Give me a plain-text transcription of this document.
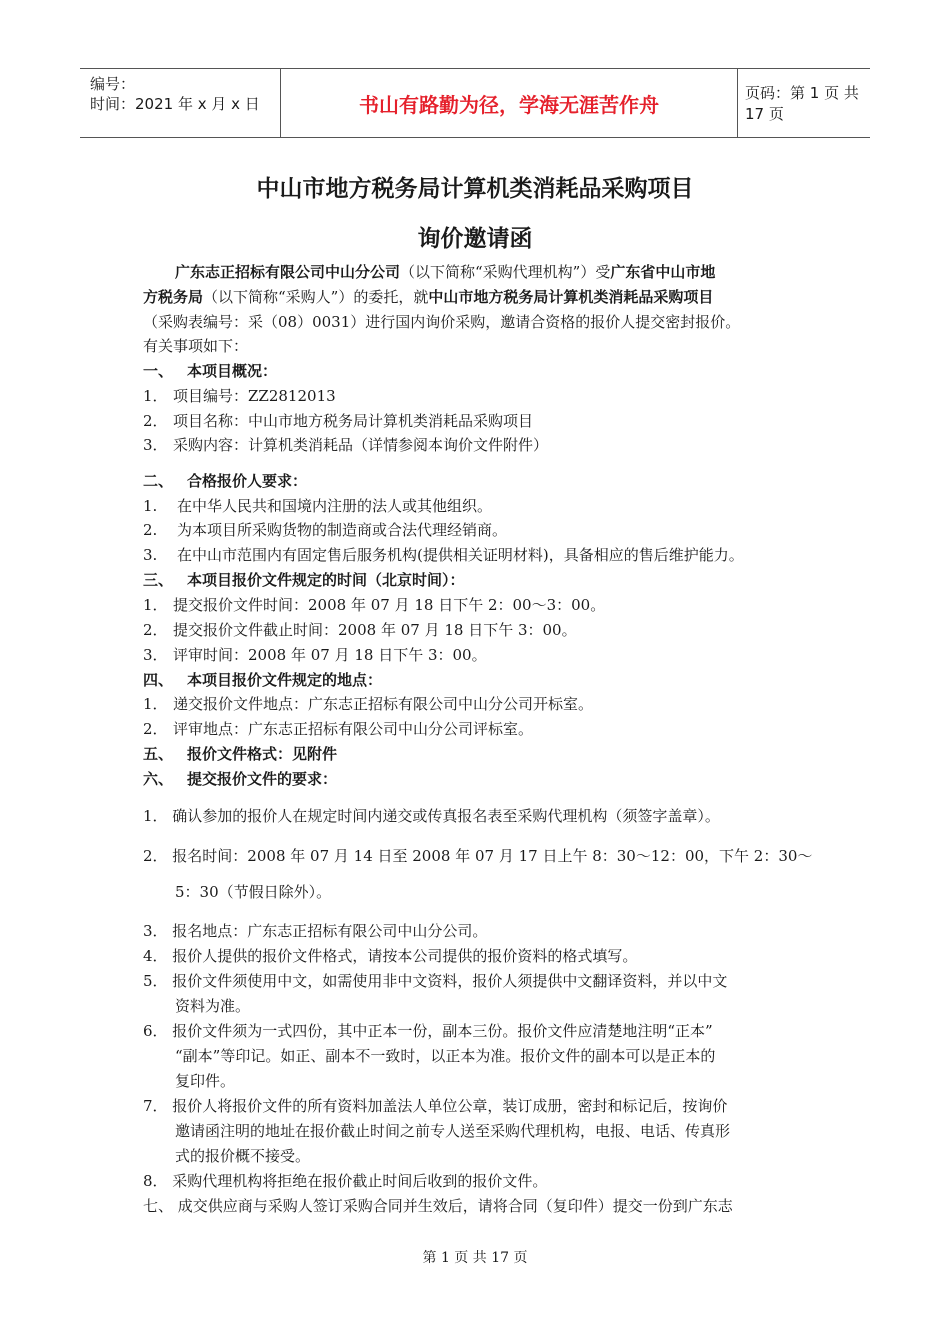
编号：
时间：2021 年 x 月 x 日	书山有路勤为径，学海无涯苦作舟	页码：第 1 页 共 17 页
中山市地方税务局计算机类消耗品采购项目
询价邀请函
广东志正招标有限公司中山分公司（以下简称“采购代理机构”）受广东省中山市地
方税务局（以下简称“采购人”）的委托，就中山市地方税务局计算机类消耗品采购项目
（采购表编号：采（08）0031）进行国内询价采购，邀请合资格的报价人提交密封报价。
有关事项如下：
一、 本项目概况：
1． 项目编号：ZZ2812013
2． 项目名称：中山市地方税务局计算机类消耗品采购项目
3． 采购内容：计算机类消耗品（详情参阅本询价文件附件）
二、 合格报价人要求：
1. 在中华人民共和国境内注册的法人或其他组织。
2. 为本项目所采购货物的制造商或合法代理经销商。
3. 在中山市范围内有固定售后服务机构(提供相关证明材料)，具备相应的售后维护能力。
三、 本项目报价文件规定的时间（北京时间）：
1． 提交报价文件时间：2008 年 07 月 18 日下午 2：00～3：00。
2． 提交报价文件截止时间：2008 年 07 月 18 日下午 3：00。
3． 评审时间：2008 年 07 月 18 日下午 3：00。
四、 本项目报价文件规定的地点：
1． 递交报价文件地点：广东志正招标有限公司中山分公司开标室。
2． 评审地点：广东志正招标有限公司中山分公司评标室。
五、 报价文件格式：见附件
六、 提交报价文件的要求：
1． 确认参加的报价人在规定时间内递交或传真报名表至采购代理机构（须签字盖章）。
2． 报名时间：2008 年 07 月 14 日至 2008 年 07 月 17 日上午 8：30～12：00，下午 2：30～
5：30（节假日除外）。
3． 报名地点：广东志正招标有限公司中山分公司。
4． 报价人提供的报价文件格式，请按本公司提供的报价资料的格式填写。
5． 报价文件须使用中文，如需使用非中文资料，报价人须提供中文翻译资料，并以中文
资料为准。
6． 报价文件须为一式四份，其中正本一份，副本三份。报价文件应清楚地注明“正本”
“副本”等印记。如正、副本不一致时，以正本为准。报价文件的副本可以是正本的
复印件。
7． 报价人将报价文件的所有资料加盖法人单位公章，装订成册，密封和标记后，按询价
邀请函注明的地址在报价截止时间之前专人送至采购代理机构，电报、电话、传真形
式的报价概不接受。
8． 采购代理机构将拒绝在报价截止时间后收到的报价文件。
七、 成交供应商与采购人签订采购合同并生效后，请将合同（复印件）提交一份到广东志
第 1 页 共 17 页
